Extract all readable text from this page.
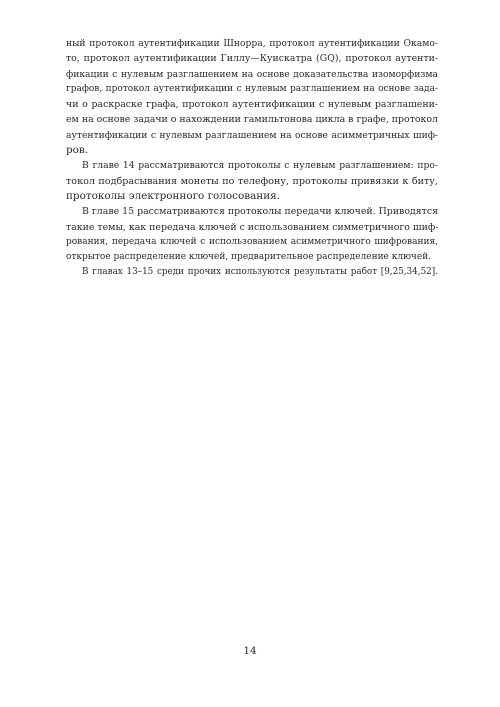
ный протокол аутентификации Шнорра, протокол аутентификации Окамо-
то, протокол аутентификации Гиллу—Куискатра (GQ), протокол аутенти-
фикации с нулевым разглашением на основе доказательства изоморфизма
графов, протокол аутентификации с нулевым разглашением на основе зада-
чи о раскраске графа, протокол аутентификации с нулевым разглашени-
ем на основе задачи о нахождении гамильтонова цикла в графе, протокол
аутентификации с нулевым разглашением на основе асимметричных шиф-
ров.
В главе 14 рассматриваются протоколы с нулевым разглашением: про-
токол подбрасывания монеты по телефону, протоколы привязки к биту,
протоколы электронного голосования.
В главе 15 рассматриваются протоколы передачи ключей. Приводятся
такие темы, как передача ключей с использованием симметричного шиф-
рования, передача ключей с использованием асимметричного шифрования,
открытое распределение ключей, предварительное распределение ключей.
В главах 13–15 среди прочих используются результаты работ [9,25,34,52].
14
